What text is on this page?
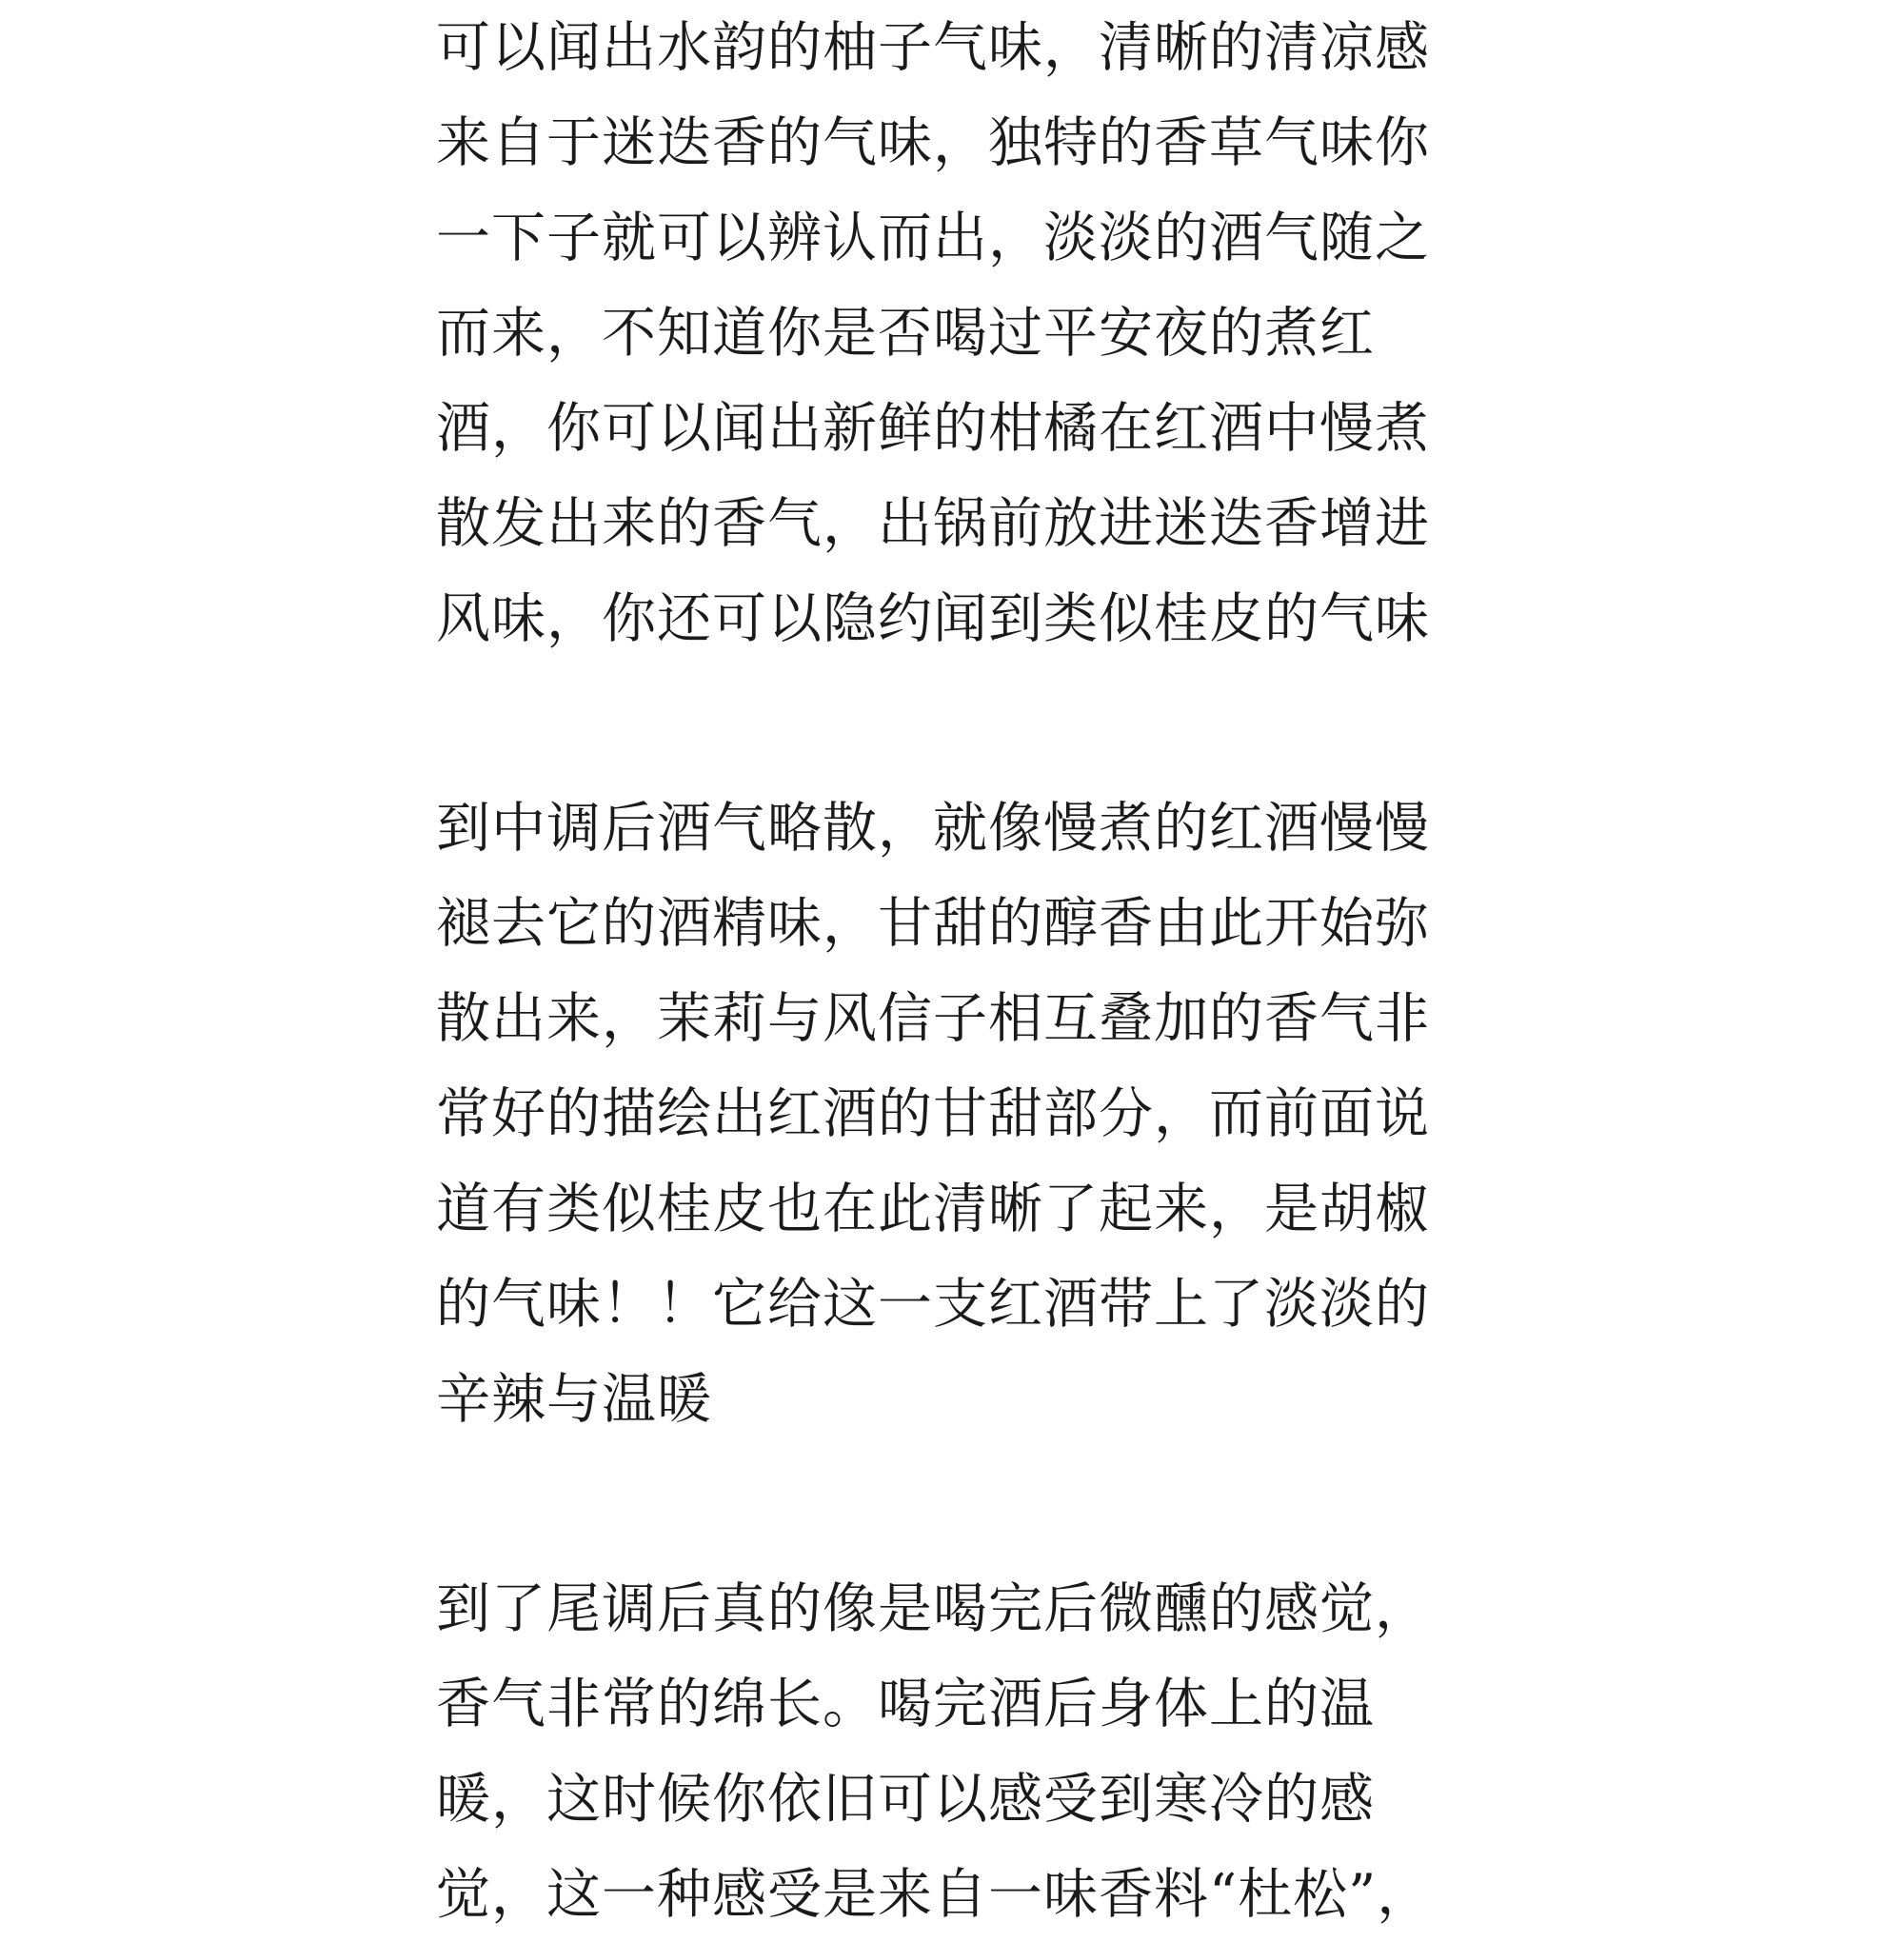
可以闻出水韵的柚子气味，清晰的清凉感
来自于迷迭香的气味，独特的香草气味你
一下子就可以辨认而出，淡淡的酒气随之
而来，不知道你是否喝过平安夜的煮红
酒，你可以闻出新鲜的柑橘在红酒中慢煮
散发出来的香气，出锅前放进迷迭香增进
风味，你还可以隐约闻到类似桂皮的气味
到中调后酒气略散，就像慢煮的红酒慢慢
褪去它的酒精味，甘甜的醇香由此开始弥
散出来，茉莉与风信子相互叠加的香气非
常好的描绘出红酒的甘甜部分，而前面说
道有类似桂皮也在此清晰了起来，是胡椒
的气味！！它给这一支红酒带上了淡淡的
辛辣与温暖
到了尾调后真的像是喝完后微醺的感觉，
香气非常的绵长。喝完酒后身体上的温
暖，这时候你依旧可以感受到寒冷的感
觉，这一种感受是来自一味香料“杜松”，
